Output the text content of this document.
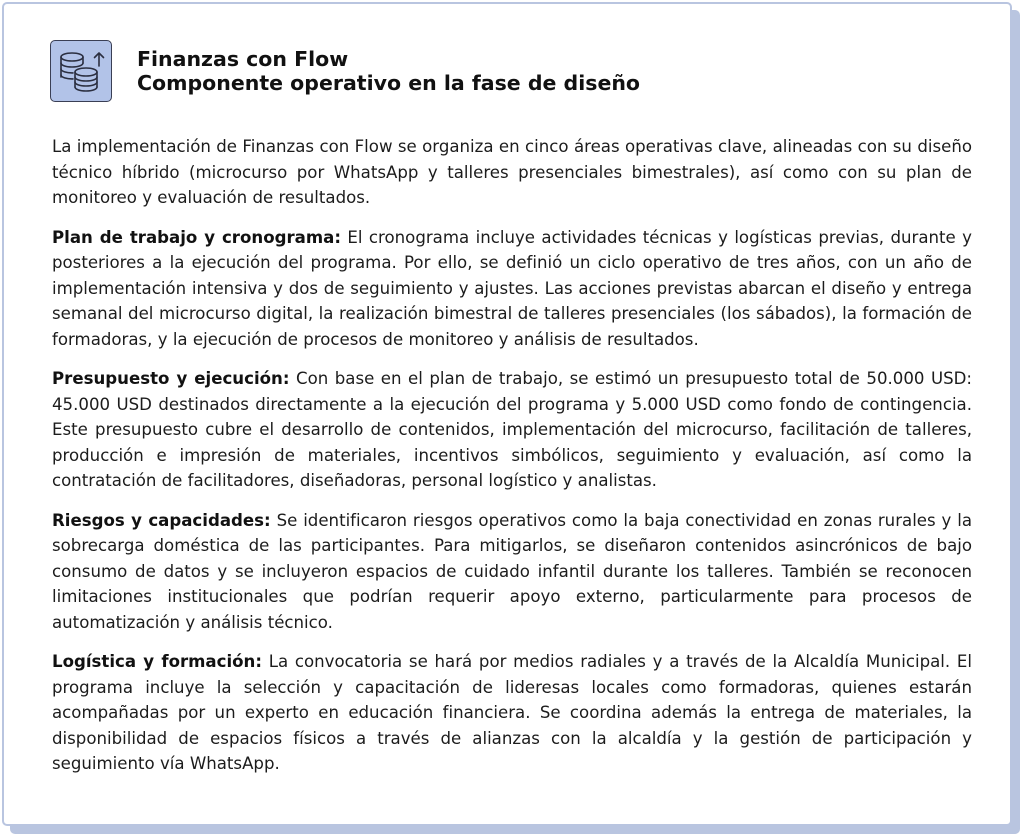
Finanzas con Flow
Componente operativo en la fase de diseño

La implementación de Finanzas con Flow se organiza en cinco áreas operativas clave, alineadas con su diseño técnico híbrido (microcurso por WhatsApp y talleres presenciales bimestrales), así como con su plan de monitoreo y evaluación de resultados.

Plan de trabajo y cronograma: El cronograma incluye actividades técnicas y logísticas previas, durante y posteriores a la ejecución del programa. Por ello, se definió un ciclo operativo de tres años, con un año de implementación intensiva y dos de seguimiento y ajustes. Las acciones previstas abarcan el diseño y entrega semanal del microcurso digital, la realización bimestral de talleres presenciales (los sábados), la formación de formadoras, y la ejecución de procesos de monitoreo y análisis de resultados.

Presupuesto y ejecución: Con base en el plan de trabajo, se estimó un presupuesto total de 50.000 USD: 45.000 USD destinados directamente a la ejecución del programa y 5.000 USD como fondo de contingencia. Este presupuesto cubre el desarrollo de contenidos, implementación del microcurso, facilitación de talleres, producción e impresión de materiales, incentivos simbólicos, seguimiento y evaluación, así como la contratación de facilitadores, diseñadoras, personal logístico y analistas.

Riesgos y capacidades: Se identificaron riesgos operativos como la baja conectividad en zonas rurales y la sobrecarga doméstica de las participantes. Para mitigarlos, se diseñaron contenidos asincrónicos de bajo consumo de datos y se incluyeron espacios de cuidado infantil durante los talleres. También se reconocen limitaciones institucionales que podrían requerir apoyo externo, particularmente para procesos de automatización y análisis técnico.

Logística y formación: La convocatoria se hará por medios radiales y a través de la Alcaldía Municipal. El programa incluye la selección y capacitación de lideresas locales como formadoras, quienes estarán acompañadas por un experto en educación financiera. Se coordina además la entrega de materiales, la disponibilidad de espacios físicos a través de alianzas con la alcaldía y la gestión de participación y seguimiento vía WhatsApp.
